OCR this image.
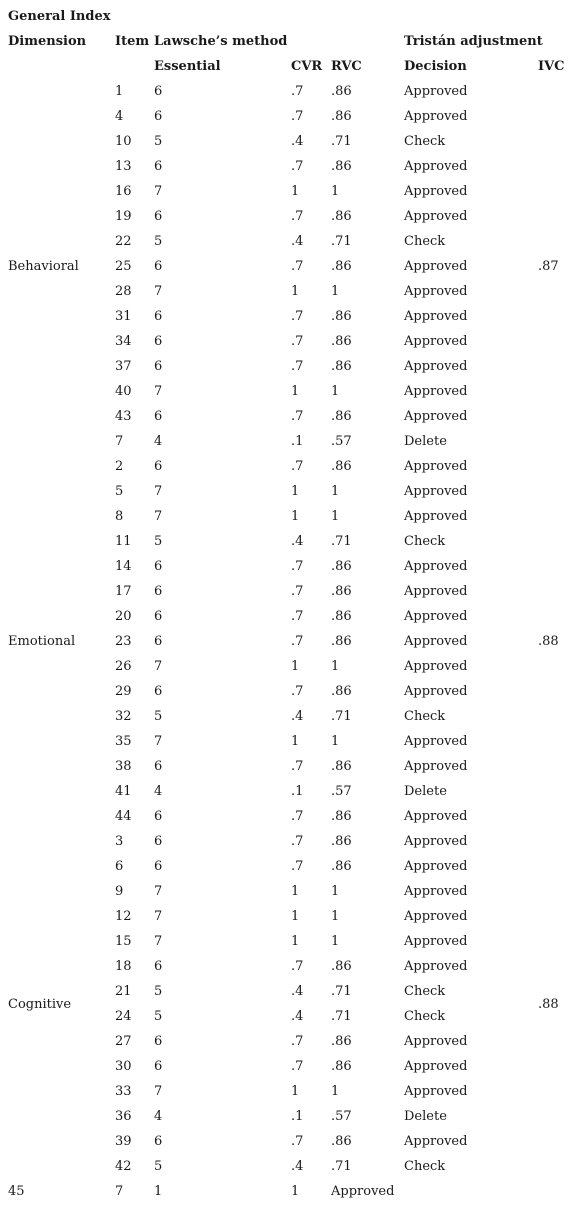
General Index						
Dimension	Item	Lawsche’s method			Tristán adjustment	
		Essential	CVR	RVC	Decision	IVC
Behavioral	1	6	.7	.86	Approved	.87
	4	6	.7	.86	Approved	
	10	5	.4	.71	Check	
	13	6	.7	.86	Approved	
	16	7	1	1	Approved	
	19	6	.7	.86	Approved	
	22	5	.4	.71	Check	
	25	6	.7	.86	Approved	
	28	7	1	1	Approved	
	31	6	.7	.86	Approved	
	34	6	.7	.86	Approved	
	37	6	.7	.86	Approved	
	40	7	1	1	Approved	
	43	6	.7	.86	Approved	
	7	4	.1	.57	Delete	
Emotional	2	6	.7	.86	Approved	.88
	5	7	1	1	Approved	
	8	7	1	1	Approved	
	11	5	.4	.71	Check	
	14	6	.7	.86	Approved	
	17	6	.7	.86	Approved	
	20	6	.7	.86	Approved	
	23	6	.7	.86	Approved	
	26	7	1	1	Approved	
	29	6	.7	.86	Approved	
	32	5	.4	.71	Check	
	35	7	1	1	Approved	
	38	6	.7	.86	Approved	
	41	4	.1	.57	Delete	
	44	6	.7	.86	Approved	
Cognitive	3	6	.7	.86	Approved	.88
	6	6	.7	.86	Approved	
	9	7	1	1	Approved	
	12	7	1	1	Approved	
	15	7	1	1	Approved	
	18	6	.7	.86	Approved	
	21	5	.4	.71	Check	
	24	5	.4	.71	Check	
	27	6	.7	.86	Approved	
	30	6	.7	.86	Approved	
	33	7	1	1	Approved	
	36	4	.1	.57	Delete	
	39	6	.7	.86	Approved	
	42	5	.4	.71	Check	
45	7	1	1	Approved		
